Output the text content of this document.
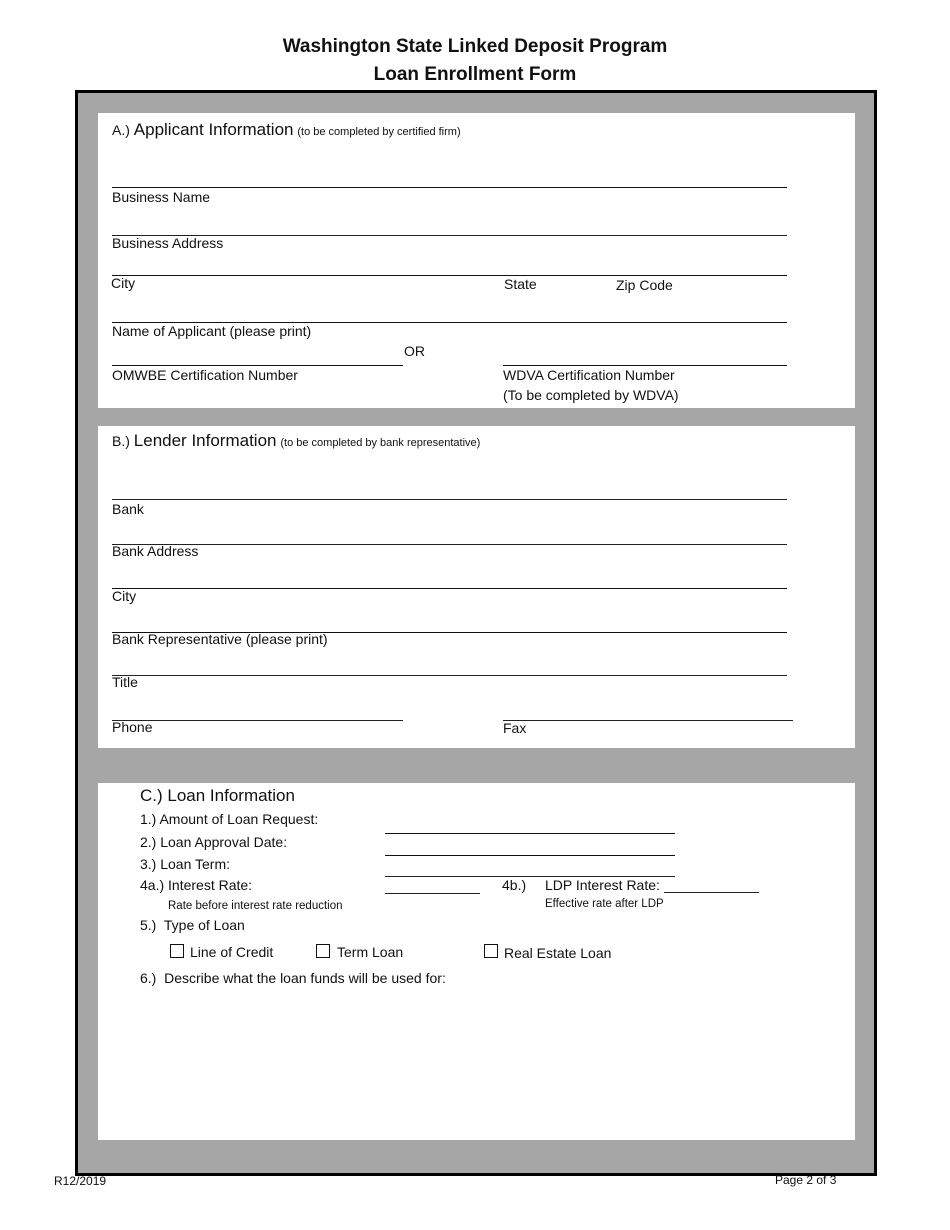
Washington State Linked Deposit Program
Loan Enrollment Form
A.) Applicant Information (to be completed by certified firm)
Business Name
Business Address
City	State	Zip Code
Name of Applicant (please print)
OR
OMWBE Certification Number	WDVA Certification Number
(To be completed by WDVA)
B.) Lender Information (to be completed by bank representative)
Bank
Bank Address
City
Bank Representative (please print)
Title
Phone	Fax
C.) Loan Information
1.) Amount of Loan Request:
2.) Loan Approval Date:
3.) Loan Term:
4a.) Interest Rate:
Rate before interest rate reduction
4b.) LDP Interest Rate:
Effective rate after LDP
5.) Type of Loan
Line of Credit	Term Loan	Real Estate Loan
6.) Describe what the loan funds will be used for:
R12/2019	Page 2 of 3
